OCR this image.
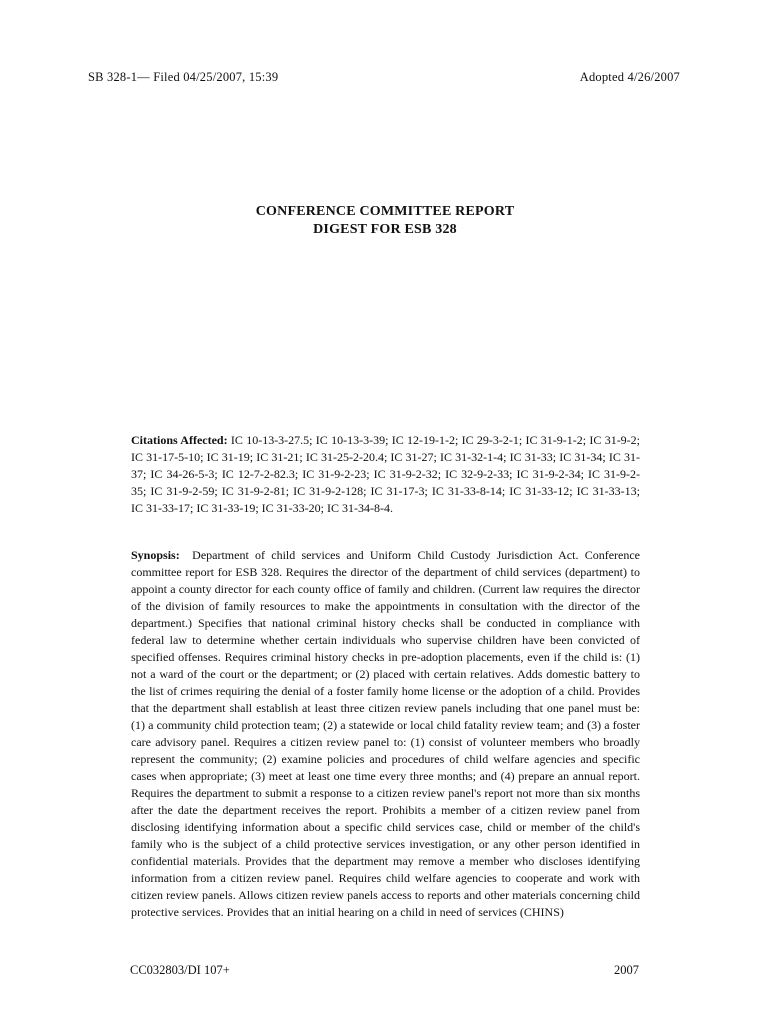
SB 328-1— Filed 04/25/2007, 15:39	Adopted 4/26/2007
CONFERENCE COMMITTEE REPORT
DIGEST FOR ESB 328
Citations Affected: IC 10-13-3-27.5; IC 10-13-3-39; IC 12-19-1-2; IC 29-3-2-1; IC 31-9-1-2; IC 31-9-2; IC 31-17-5-10; IC 31-19; IC 31-21; IC 31-25-2-20.4; IC 31-27; IC 31-32-1-4; IC 31-33; IC 31-34; IC 31-37; IC 34-26-5-3; IC 12-7-2-82.3; IC 31-9-2-23; IC 31-9-2-32; IC 32-9-2-33; IC 31-9-2-34; IC 31-9-2-35; IC 31-9-2-59; IC 31-9-2-81; IC 31-9-2-128; IC 31-17-3; IC 31-33-8-14; IC 31-33-12; IC 31-33-13; IC 31-33-17; IC 31-33-19; IC 31-33-20; IC 31-34-8-4.
Synopsis: Department of child services and Uniform Child Custody Jurisdiction Act. Conference committee report for ESB 328. Requires the director of the department of child services (department) to appoint a county director for each county office of family and children. (Current law requires the director of the division of family resources to make the appointments in consultation with the director of the department.) Specifies that national criminal history checks shall be conducted in compliance with federal law to determine whether certain individuals who supervise children have been convicted of specified offenses. Requires criminal history checks in pre-adoption placements, even if the child is: (1) not a ward of the court or the department; or (2) placed with certain relatives. Adds domestic battery to the list of crimes requiring the denial of a foster family home license or the adoption of a child. Provides that the department shall establish at least three citizen review panels including that one panel must be: (1) a community child protection team; (2) a statewide or local child fatality review team; and (3) a foster care advisory panel. Requires a citizen review panel to: (1) consist of volunteer members who broadly represent the community; (2) examine policies and procedures of child welfare agencies and specific cases when appropriate; (3) meet at least one time every three months; and (4) prepare an annual report. Requires the department to submit a response to a citizen review panel's report not more than six months after the date the department receives the report. Prohibits a member of a citizen review panel from disclosing identifying information about a specific child services case, child or member of the child's family who is the subject of a child protective services investigation, or any other person identified in confidential materials. Provides that the department may remove a member who discloses identifying information from a citizen review panel. Requires child welfare agencies to cooperate and work with citizen review panels. Allows citizen review panels access to reports and other materials concerning child protective services. Provides that an initial hearing on a child in need of services (CHINS)
CC032803/DI 107+	2007
